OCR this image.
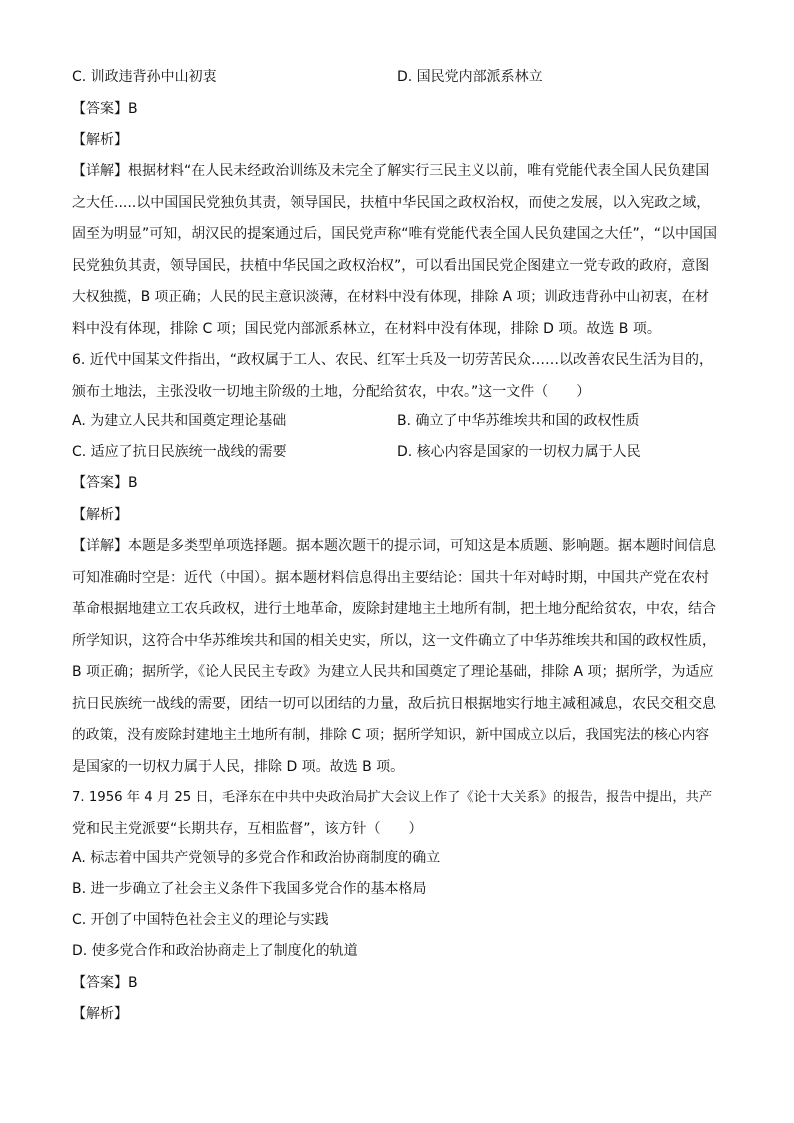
C. 训政违背孙中山初衷	D. 国民党内部派系林立
【答案】B
【解析】
【详解】根据材料“在人民未经政治训练及未完全了解实行三民主义以前，唯有党能代表全国人民负建国
之大任.....以中国国民党独负其责，领导国民，扶植中华民国之政权治权，而使之发展，以入宪政之域，
固至为明显”可知，胡汉民的提案通过后，国民党声称“唯有党能代表全国人民负建国之大任”，“以中国国
民党独负其责，领导国民，扶植中华民国之政权治权”，可以看出国民党企图建立一党专政的政府，意图
大权独揽，B 项正确；人民的民主意识淡薄，在材料中没有体现，排除 A 项；训政违背孙中山初衷，在材
料中没有体现，排除 C 项；国民党内部派系林立，在材料中没有体现，排除 D 项。故选 B 项。
6. 近代中国某文件指出，“政权属于工人、农民、红军士兵及一切劳苦民众……以改善农民生活为目的，
颁布土地法，主张没收一切地主阶级的土地，分配给贫农，中农。”这一文件（　　）
A. 为建立人民共和国奠定理论基础	B. 确立了中华苏维埃共和国的政权性质
C. 适应了抗日民族统一战线的需要	D. 核心内容是国家的一切权力属于人民
【答案】B
【解析】
【详解】本题是多类型单项选择题。据本题次题干的提示词，可知这是本质题、影响题。据本题时间信息
可知准确时空是：近代（中国）。据本题材料信息得出主要结论：国共十年对峙时期，中国共产党在农村
革命根据地建立工农兵政权，进行土地革命，废除封建地主土地所有制，把土地分配给贫农，中农，结合
所学知识，这符合中华苏维埃共和国的相关史实，所以，这一文件确立了中华苏维埃共和国的政权性质，
B 项正确；据所学，《论人民民主专政》为建立人民共和国奠定了理论基础，排除 A 项；据所学，为适应
抗日民族统一战线的需要，团结一切可以团结的力量，敌后抗日根据地实行地主减租减息，农民交租交息
的政策，没有废除封建地主土地所有制，排除 C 项；据所学知识，新中国成立以后，我国宪法的核心内容
是国家的一切权力属于人民，排除 D 项。故选 B 项。
7. 1956 年 4 月 25 日，毛泽东在中共中央政治局扩大会议上作了《论十大关系》的报告，报告中提出，共产
党和民主党派要“长期共存，互相监督”，该方针（　　）
A. 标志着中国共产党领导的多党合作和政治协商制度的确立
B. 进一步确立了社会主义条件下我国多党合作的基本格局
C. 开创了中国特色社会主义的理论与实践
D. 使多党合作和政治协商走上了制度化的轨道
【答案】B
【解析】
